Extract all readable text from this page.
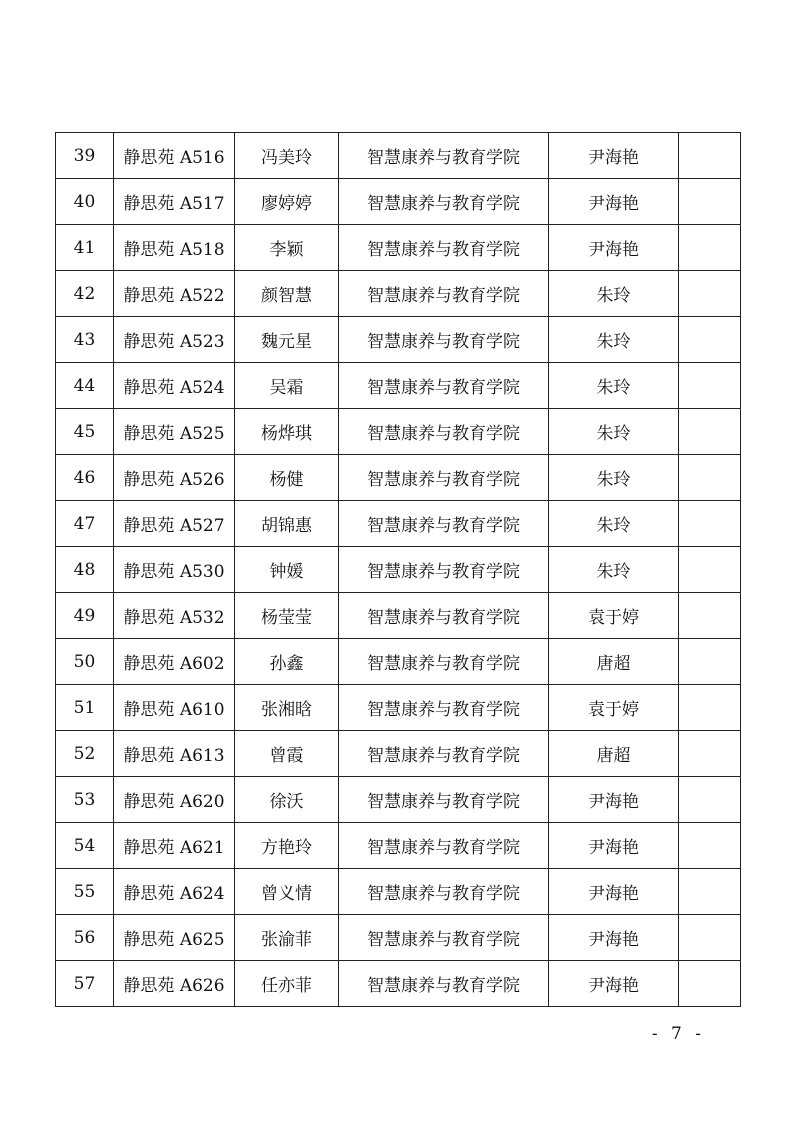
39	静思苑 A516	冯美玲	智慧康养与教育学院	尹海艳	
40	静思苑 A517	廖婷婷	智慧康养与教育学院	尹海艳	
41	静思苑 A518	李颖	智慧康养与教育学院	尹海艳	
42	静思苑 A522	颜智慧	智慧康养与教育学院	朱玲	
43	静思苑 A523	魏元星	智慧康养与教育学院	朱玲	
44	静思苑 A524	吴霜	智慧康养与教育学院	朱玲	
45	静思苑 A525	杨烨琪	智慧康养与教育学院	朱玲	
46	静思苑 A526	杨健	智慧康养与教育学院	朱玲	
47	静思苑 A527	胡锦惠	智慧康养与教育学院	朱玲	
48	静思苑 A530	钟媛	智慧康养与教育学院	朱玲	
49	静思苑 A532	杨莹莹	智慧康养与教育学院	袁于婷	
50	静思苑 A602	孙鑫	智慧康养与教育学院	唐超	
51	静思苑 A610	张湘晗	智慧康养与教育学院	袁于婷	
52	静思苑 A613	曾霞	智慧康养与教育学院	唐超	
53	静思苑 A620	徐沃	智慧康养与教育学院	尹海艳	
54	静思苑 A621	方艳玲	智慧康养与教育学院	尹海艳	
55	静思苑 A624	曾义情	智慧康养与教育学院	尹海艳	
56	静思苑 A625	张渝菲	智慧康养与教育学院	尹海艳	
57	静思苑 A626	任亦菲	智慧康养与教育学院	尹海艳	
- 7 -
